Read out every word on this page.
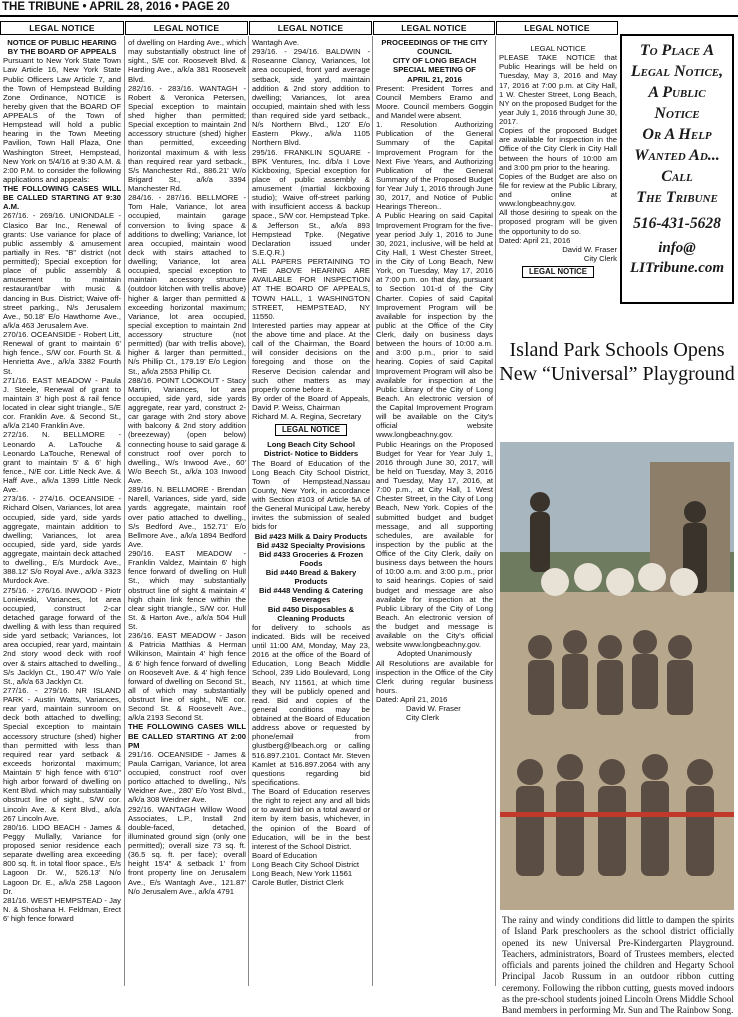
THE TRIBUNE • APRIL 28, 2016 • PAGE 20
LEGAL NOTICE	LEGAL NOTICE	LEGAL NOTICE	LEGAL NOTICE	LEGAL NOTICE

NOTICE OF PUBLIC HEARING BY THE BOARD OF APPEALS

Pursuant to New York State Town Law Article 16, New York State Public Officers Law Article 7, and the Town of Hempstead Building Zone Ordinance, NOTICE is hereby given that the BOARD OF APPEALS of the Town of Hempstead will hold a public hearing in the Town Meeting Pavilion, Town Hall Plaza, One Washington Street, Hempstead, New York on 5/4/16 at 9:30 A.M. & 2:00 P.M. to consider the following applications and appeals:

THE FOLLOWING CASES WILL BE CALLED STARTING AT 9:30 A.M.

267/16. - 269/16. UNIONDALE - Clasico Bar Inc., Renewal of grants: Use variance for place of public assembly & amusement partially in Res. "B" district (not permitted); Special exception for place of public assembly & amusement to maintain restaurant/bar with music & dancing in Bus. District; Waive off-street parking., N/s Jerusalem Ave., 50.18' E/o Hawthorne Ave., a/k/a 463 Jerusalem Ave.

270/16. OCEANSIDE - Robert Litt, Renewal of grant to maintain 6' high fence., S/W cor. Fourth St. & Henrietta Ave., a/k/a 3382 Fourth St.

271/16. EAST MEADOW - Paula J. Steele, Renewal of grant to maintain 3' high post & rail fence located in clear sight triangle., S/E cor. Franklin Ave. & Second St., a/k/a 2140 Franklin Ave.

272/16. N. BELLMORE - Leonardo A. LaTouche & Leonardo LaTouche, Renewal of grant to maintain 5' & 6' high fence., N/E cor. Little Neck Ave. & Haff Ave., a/k/a 1399 Little Neck Ave.

273/16. - 274/16. OCEANSIDE - Richard Olsen, Variances, lot area occupied, side yard, side yards aggregate, maintain addition to dwelling; Variances, lot area occupied, side yard, side yards aggregate, maintain deck attached to dwelling., E/s Murdock Ave., 388.12' S/o Royal Ave., a/k/a 3323 Murdock Ave.

275/16. - 276/16. INWOOD - Piotr Loniewski, Variances, lot area occupied, construct 2-car detached garage forward of the dwelling & with less than required side yard setback; Variances, lot area occupied, rear yard, maintain 2nd story wood deck with roof over & stairs attached to dwelling., S/s Jacklyn Ct., 190.47' W/o Yale St., a/k/a 63 Jacklyn Ct.

277/16. - 279/16. NR ISLAND PARK - Austin Watts, Variances, rear yard, maintain sunroom on deck both attached to dwelling; Special exception to maintain accessory structure (shed) higher than permitted with less than required rear yard setback & exceeds horizontal maximum; Maintain 5' high fence with 6'10" high arbor forward of dwelling on Kent Blvd. which may substantially obstruct line of sight., S/W cor. Lincoln Ave. & Kent Blvd., a/k/a 267 Lincoln Ave.

280/16. LIDO BEACH - James & Peggy Mullally, Variance for proposed senior residence each separate dwelling area exceeding 800 sq. ft. in total floor space., E/s Lagoon Dr. W., 526.13' N/o Lagoon Dr. E., a/k/a 258 Lagoon Dr.

281/16. WEST HEMPSTEAD - Jay N. & Shoshana H. Feldman, Erect 6' high fence forward

of dwelling on Harding Ave., which may substantially obstruct line of sight., S/E cor. Roosevelt Blvd. & Harding Ave., a/k/a 381 Roosevelt Blvd.

282/16. - 283/16. WANTAGH - Robert & Veronica Petersen, Special exception to maintain shed higher than permitted; Special exception to maintain 2nd accessory structure (shed) higher than permitted, exceeding horizontal maximum & with less than required rear yard setback., S/s Manchester Rd., 886.21' W/o Brigard St., a/k/a 3394 Manchester Rd.

284/16. - 287/16. BELLMORE - Tom Hale, Variance, lot area occupied, maintain garage conversion to living space & additions to dwelling; Variance, lot area occupied, maintain wood deck with stairs attached to dwelling; Variance, lot area occupied, special exception to maintain accessory structure (outdoor kitchen with trellis above) higher & larger than permitted & exceeding horizontal maximum; Variance, lot area occupied, special exception to maintain 2nd accessory structure (not permitted) (bar with trellis above), higher & larger than permitted., N/s Phillip Ct., 179.19' E/o Legion St., a/k/a 2553 Phillip Ct.

288/16. POINT LOOKOUT - Stacy Martin, Variances, lot area occupied, side yard, side yards aggregate, rear yard, construct 2-car garage with 2nd story above with balcony & 2nd story addition (breezeway) (open below) connecting house to said garage & construct roof over porch to dwelling., W/s Inwood Ave., 60' W/o Beech St., a/k/a 103 Inwood Ave.

289/16. N. BELLMORE - Brendan Narell, Variances, side yard, side yards aggregate, maintain roof over patio attached to dwelling., S/s Bedford Ave., 152.71' E/o Bellmore Ave., a/k/a 1894 Bedford Ave.

290/16. EAST MEADOW - Franklin Valdez, Maintain 6' high fence forward of dwelling on Hull St., which may substantially obstruct line of sight & maintain 4' high chain link fence within the clear sight triangle., S/W cor. Hull St. & Harton Ave., a/k/a 504 Hull St.

236/16. EAST MEADOW - Jason & Patricia Matthias & Herman Wilkinson, Maintain 4' high fence & 6' high fence forward of dwelling on Roosevelt Ave. & 4' high fence forward of dwelling on Second St., all of which may substantially obstruct line of sight., N/E cor. Second St. & Roosevelt Ave., a/k/a 2193 Second St.

THE FOLLOWING CASES WILL BE CALLED STARTING AT 2:00 PM

291/16. OCEANSIDE - James & Paula Carrigan, Variance, lot area occupied, construct roof over portico attached to dwelling., N/s Weidner Ave., 280' E/o Yost Blvd., a/k/a 308 Weidner Ave.

292/16. WANTAGH Willow Wood Associates, L.P., Install 2nd double-faced, detached, illuminated ground sign (only one permitted); overall size 73 sq. ft. (36.5 sq. ft. per face); overall height 15'4" & setback 1' from front property line on Jerusalem Ave., E/s Wantagh Ave., 121.87' N/o Jerusalem Ave., a/k/a 4791

Wantagh Ave.

293/16. - 294/16. BALDWIN - Roseanne Clancy, Variances, lot area occupied, front yard average setback, side yard, maintain addition & 2nd story addition to dwelling; Variances, lot area occupied, maintain shed with less than required side yard setback., N/s Northern Blvd., 120' E/o Eastern Pkwy., a/k/a 1105 Northern Blvd.

295/16. FRANKLIN SQUARE - BPK Ventures, Inc. d/b/a I Love Kickboxing, Special exception for place of public assembly & amusement (martial kickboxing studio); Waive off-street parking with insufficient access & backup space., S/W cor. Hempstead Tpke. & Jefferson St., a/k/a 893 Hempstead Tpke. (Negative Declaration issued under S.E.Q.R.)

ALL PAPERS PERTAINING TO THE ABOVE HEARING ARE AVAILABLE FOR INSPECTION AT THE BOARD OF APPEALS, TOWN HALL, 1 WASHINGTON STREET, HEMPSTEAD, NY 11550.

Interested parties may appear at the above time and place. At the call of the Chairman, the Board will consider decisions on the foregoing and those on the Reserve Decision calendar and such other matters as may properly come before it.

By order of the Board of Appeals, David P. Weiss, Chairman

Richard M. A. Regina, Secretary

LEGAL NOTICE

Long Beach City School District- Notice to Bidders

The Board of Education of the Long Beach City School District, Town of Hempstead,Nassau County, New York, in accordance with Section #103 of Article 5A of the General Municipal Law, hereby invites the submission of sealed bids for

Bid #423 Milk & Dairy Products

Bid #432 Specialty Provisions

Bid #433 Groceries & Frozen Foods

Bid #440 Bread & Bakery Products

Bid #448 Vending & Catering Beverages

Bid #450 Disposables & Cleaning Products

for delivery to schools as indicated. Bids will be received until 11:00 AM, Monday, May 23, 2016 at the office of the Board of Education, Long Beach Middle School, 239 Lido Boulevard, Long Beach, NY 11561, at which time they will be publicly opened and read. Bid and copies of the general conditions may be obtained at the Board of Education address above or requested by phone/email from glustberg@lbeach.org or calling 516.897.2101. Contact Mr. Steven Kamlet at 516.897.2064 with any questions regarding bid specifications.

The Board of Education reserves the right to reject any and all bids or to award bid on a total award or item by item basis, whichever, in the opinion of the Board of Education, will be in the best interest of the School District.

Board of Education

Long Beach City School District

Long Beach, New York 11561

Carole Butler, District Clerk

PROCEEDINGS OF THE CITY COUNCIL

CITY OF LONG BEACH

SPECIAL MEETING OF

APRIL 21, 2016

Present: President Torres and Council Members Eramo and Moore. Council members Goggin and Mandel were absent.

1. Resolution Authorizing Publication of the General Summary of the Capital Improvement Program for the Next Five Years, and Authorizing Publication of the General Summary of the Proposed Budget for Year July 1, 2016 through June 30, 2017, and Notice of Public Hearings Thereon..

A Public Hearing on said Capital Improvement Program for the five-year period July 1, 2016 to June 30, 2021, inclusive, will be held at City Hall, 1 West Chester Street, in the City of Long Beach, New York, on Tuesday, May 17, 2016 at 7:00 p.m. on that day, pursuant to Section 101-d of the City Charter. Copies of said Capital Improvement Program will be available for inspection by the public at the Office of the City Clerk, daily on business days between the hours of 10:00 a.m. and 3:00 p.m., prior to said hearing. Copies of said Capital Improvement Program will also be available for inspection at the Public Library of the City of Long Beach. An electronic version of the Capital Improvement Program will be available on the City's official website www.longbeachny.gov.

Public Hearings on the Proposed Budget for Year for Year July 1, 2016 through June 30, 2017, will be held on Tuesday, May 3, 2016 and Tuesday, May 17, 2016, at 7:00 p.m., at City Hall, 1 West Chester Street, in the City of Long Beach, New York. Copies of the submitted budget and budget message, and all supporting schedules, are available for inspection by the public at the Office of the City Clerk, daily on business days between the hours of 10:00 a.m. and 3:00 p.m., prior to said hearings. Copies of said budget and message are also available for inspection at the Public Library of the City of Long Beach. An electronic version of the budget and message is available on the City's official website www.longbeachny.gov.

Adopted Unanimously

All Resolutions are available for inspection in the Office of the City Clerk during regular business hours.

Dated: April 21, 2016

David W. Fraser

City Clerk

LEGAL NOTICE

PLEASE TAKE NOTICE that Public Hearings will be held on Tuesday, May 3, 2016 and May 17, 2016 at 7:00 p.m. at City Hall, 1 W. Chester Street, Long Beach, NY on the proposed Budget for the year July 1, 2016 through June 30, 2017.

Copies of the proposed Budget are available for inspection in the Office of the City Clerk in City Hall between the hours of 10:00 am and 3:00 pm prior to the hearing.

Copies of the Budget are also on file for review at the Public Library, and online at www.longbeachny.gov.

All those desiring to speak on the proposed program will be given the opportunity to do so.

Dated: April 21, 2016

David W. Fraser

City Clerk

LEGAL NOTICE
To Place A
Legal Notice,
A Public
Notice
Or A Help
Wanted Ad...
Call
The Tribune
516-431-5628
info@
LITribune.com
Island Park Schools Opens New “Universal” Playground
The rainy and windy conditions did little to dampen the spirits of Island Park preschoolers as the school district officially opened its new Universal Pre-Kindergarten Playground. Teachers, administrators, Board of Trustees members, elected officials and parents joined the children and Hegarty School Principal Jacob Russum in an outdoor ribbon cutting ceremony. Following the ribbon cutting, guests moved indoors as the pre-school students joined Lincoln Orens Middle School Band members in performing Mr. Sun and The Rainbow Song.
